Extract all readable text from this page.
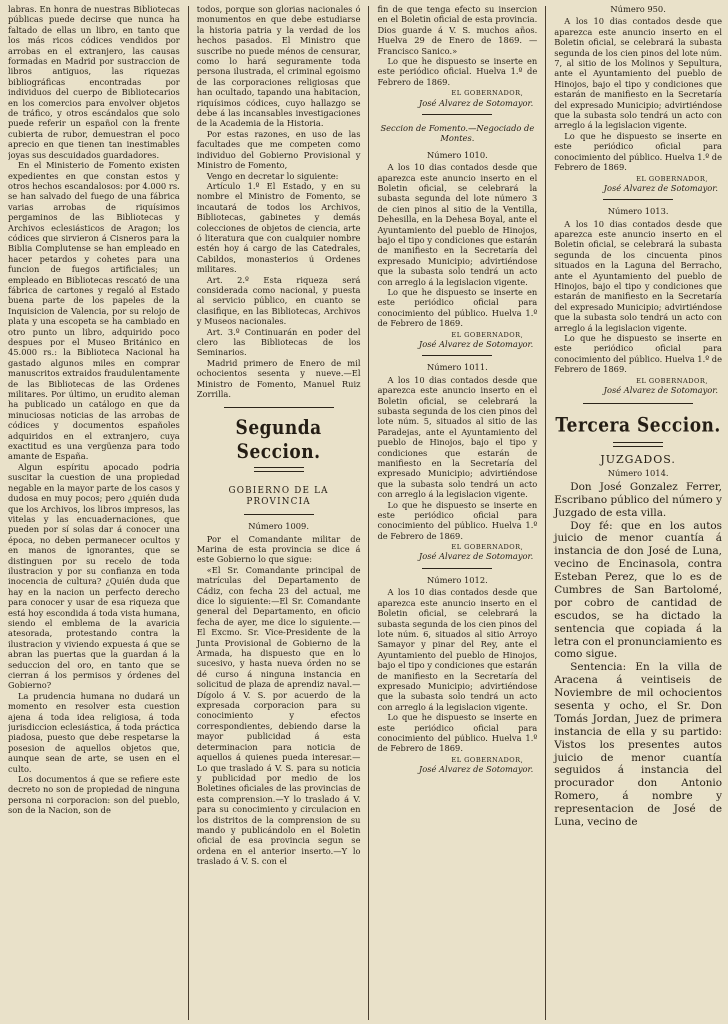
labras. En honra de nuestras Bibliotecas públicas puede decirse que nunca ha faltado de ellas un libro, en tanto que los más ricos códices vendidos por arrobas en el extranjero, las causas formadas en Madrid por sustraccion de libros antiguos, las riquezas bibliográficas encontradas por individuos del cuerpo de Bibliotecarios en los comercios para envolver objetos de tráfico, y otros escándalos que solo puede referir un español con la frente cubierta de rubor, demuestran el poco aprecio en que tienen tan inestimables joyas sus descuidados guardadores.

En el Ministerio de Fomento existen expedientes en que constan estos y otros hechos escandalosos: por 4.000 rs. se han salvado del fuego de una fábrica varias arrobas de riquísimos pergaminos de las Bibliotecas y Archivos eclesiásticos de Aragon; los códices que sirvieron á Cisneros para la Biblia Complutense se han empleado en hacer petardos y cohetes para una funcion de fuegos artificiales; un empleado en Bibliotecas rescató de una fábrica de cartones y regaló al Estado buena parte de los papeles de la Inquisicion de Valencia, por su relojo de plata y una escopeta se ha cambiado en otro punto un libro, adquirido poco despues por el Museo Británico en 45.000 rs.: la Biblioteca Nacional ha gastado algunos miles en comprar manuscritos extraidos fraudulentamente de las Bibliotecas de las Ordenes militares. Por último, un erudito aleman ha publicado un catálogo en que da minuciosas noticias de las arrobas de códices y documentos españoles adquiridos en el extranjero, cuya exactitud es una vergüenza para todo amante de España.

Algun espíritu apocado podria suscitar la cuestion de una propiedad negable en la mayor parte de los casos y dudosa en muy pocos; pero ¿quién duda que los Archivos, los libros impresos, las vitelas y las encuadernaciones, que pueden por sí solas dar á conocer una época, no deben permanecer ocultos y en manos de ignorantes, que se distinguen por su recelo de toda ilustracion y por su confianza en toda inocencia de cultura? ¿Quién duda que hay en la nacion un perfecto derecho para conocer y usar de esa riqueza que está hoy escondida á toda vista humana, siendo el emblema de la avaricia atesorada, protestando contra la ilustracion y viviendo expuesta á que se abran las puertas que la guardan á la seduccion del oro, en tanto que se cierran á los permisos y órdenes del Gobierno?

La prudencia humana no dudará un momento en resolver esta cuestion ajena á toda idea religiosa, á toda jurisdiccion eclesiástica, á toda práctica piadosa, puesto que debe respetarse la posesion de aquellos objetos que, aunque sean de arte, se usen en el culto.

Los documentos á que se refiere este decreto no son de propiedad de ninguna persona ni corporacion: son del pueblo, son de la Nacion, son de

todos, porque son glorias nacionales ó monumentos en que debe estudiarse la historia patria y la verdad de los hechos pasados. El Ministro que suscribe no puede ménos de censurar, como lo hará seguramente toda persona ilustrada, el criminal egoismo de las corporaciones religiosas que han ocultado, tapando una habitacion, riquísimos códices, cuyo hallazgo se debe á las incansables investigaciones de la Academia de la Historia.

Por estas razones, en uso de las facultades que me competen como individuo del Gobierno Provisional y Ministro de Fomento,

Vengo en decretar lo siguiente:

Artículo 1.º El Estado, y en su nombre el Ministro de Fomento, se incautará de todos los Archivos, Bibliotecas, gabinetes y demás colecciones de objetos de ciencia, arte ó literatura que con cualquier nombre estén hoy á cargo de las Catedrales, Cabildos, monasterios ú Ordenes militares.

Art. 2.º Esta riqueza será considerada como nacional, y puesta al servicio público, en cuanto se clasifique, en las Bibliotecas, Archivos y Museos nacionales.

Art. 3.º Continuarán en poder del clero las Bibliotecas de los Seminarios.

Madrid primero de Enero de mil ochocientos sesenta y nueve.—El Ministro de Fomento, Manuel Ruiz Zorrilla.

Segunda Seccion.
GOBIERNO DE LA PROVINCIA

Número 1009.

Por el Comandante militar de Marina de esta provincia se dice á este Gobierno lo que sigue:

«El Sr. Comandante principal de matrículas del Departamento de Cádiz, con fecha 23 del actual, me dice lo siguiente:—El Sr. Comandante general del Departamento, en oficio fecha de ayer, me dice lo siguiente.—El Excmo. Sr. Vice-Presidente de la Junta Provisional de Gobierno de la Armada, ha dispuesto que en lo sucesivo, y hasta nueva órden no se dé curso á ninguna instancia en solicitud de plaza de aprendiz naval.—Dígolo á V. S. por acuerdo de la expresada corporacion para su conocimiento y efectos correspondientes, debiendo darse la mayor publicidad á esta determinacion para noticia de aquellos á quienes pueda interesar.—Lo que traslado á V. S. para su noticia y publicidad por medio de los Boletines oficiales de las provincias de esta comprension.—Y lo traslado á V. para su conocimiento y circulacion en los distritos de la comprension de su mando y publicándolo en el Boletin oficial de esa provincia segun se ordena en el anterior inserto.—Y lo traslado á V. S. con el

fin de que tenga efecto su insercion en el Boletin oficial de esta provincia. Dios guarde á V. S. muchos años. Huelva 29 de Enero de 1869. —Francisco Sanico.»

Lo que he dispuesto se inserte en este periódico oficial. Huelva 1.º de Febrero de 1869.

EL GOBERNADOR,

José Alvarez de Sotomayor.

Seccion de Fomento.—Negociado de Montes.

Número 1010.

A los 10 dias contados desde que aparezca este anuncio inserto en el Boletin oficial, se celebrará la subasta segunda del lote número 3 de cien pinos al sitio de la Ventilla, Dehesilla, en la Dehesa Boyal, ante el Ayuntamiento del pueblo de Hinojos, bajo el tipo y condiciones que estarán de manifiesto en la Secretaría del expresado Municipio; advirtiéndose que la subasta solo tendrá un acto con arreglo á la legislacion vigente.

Lo que he dispuesto se inserte en este periódico oficial para conocimiento del público. Huelva 1.º de Febrero de 1869.

EL GOBERNADOR,

José Alvarez de Sotomayor.

Número 1011.

A los 10 dias contados desde que aparezca este anuncio inserto en el Boletin oficial, se celebrará la subasta segunda de los cien pinos del lote núm. 5, situados al sitio de las Paradejas, ante el Ayuntamiento del pueblo de Hinojos, bajo el tipo y condiciones que estarán de manifiesto en la Secretaría del expresado Municipio; advirtiéndose que la subasta solo tendrá un acto con arreglo á la legislacion vigente.

Lo que he dispuesto se inserte en este periódico oficial para conocimiento del público. Huelva 1.º de Febrero de 1869.

EL GOBERNADOR,

José Alvarez de Sotomayor.

Número 1012.

A los 10 dias contados desde que aparezca este anuncio inserto en el Boletin oficial, se celebrará la subasta segunda de los cien pinos del lote núm. 6, situados al sitio Arroyo Samayor y pinar del Rey, ante el Ayuntamiento del pueblo de Hinojos, bajo el tipo y condiciones que estarán de manifiesto en la Secretaría del expresado Municipio; advirtiéndose que la subasta solo tendrá un acto con arreglo á la legislacion vigente.

Lo que he dispuesto se inserte en este periódico oficial para conocimiento del público. Huelva 1.º de Febrero de 1869.

EL GOBERNADOR,

José Alvarez de Sotomayor.

Número 950.

A los 10 dias contados desde que aparezca este anuncio inserto en el Boletin oficial, se celebrará la subasta segunda de los cien pinos del lote núm. 7, al sitio de los Molinos y Sepultura, ante el Ayuntamiento del pueblo de Hinojos, bajo el tipo y condiciones que estarán de manifiesto en la Secretaría del expresado Municipio; advirtiéndose que la subasta solo tendrá un acto con arreglo á la legislacion vigente.

Lo que he dispuesto se inserte en este periódico oficial para conocimiento del público. Huelva 1.º de Febrero de 1869.

EL GOBERNADOR,

José Alvarez de Sotomayor.

Número 1013.

A los 10 dias contados desde que aparezca este anuncio inserto en el Boletin oficial, se celebrará la subasta segunda de los cincuenta pinos situados en la Laguna del Berracho, ante el Ayuntamiento del pueblo de Hinojos, bajo el tipo y condiciones que estarán de manifiesto en la Secretaría del expresado Municipio; advirtiéndose que la subasta solo tendrá un acto con arreglo á la legislacion vigente.

Lo que he dispuesto se inserte en este periódico oficial para conocimiento del público. Huelva 1.º de Febrero de 1869.

EL GOBERNADOR,

José Alvarez de Sotomayor.

Tercera Seccion.
JUZGADOS.

Número 1014.

Don José Gonzalez Ferrer, Escribano público del número y Juzgado de esta villa.

Doy fé: que en los autos juicio de menor cuantía á instancia de don José de Luna, vecino de Encinasola, contra Esteban Perez, que lo es de Cumbres de San Bartolomé, por cobro de cantidad de escudos, se ha dictado la sentencia que copiada á la letra con el pronunciamiento es como sigue.

Sentencia: En la villa de Aracena á veintiseis de Noviembre de mil ochocientos sesenta y ocho, el Sr. Don Tomás Jordan, Juez de primera instancia de ella y su partido: Vistos los presentes autos juicio de menor cuantía seguidos á instancia del procurador don Antonio Romero, á nombre y representacion de José de Luna, vecino de
